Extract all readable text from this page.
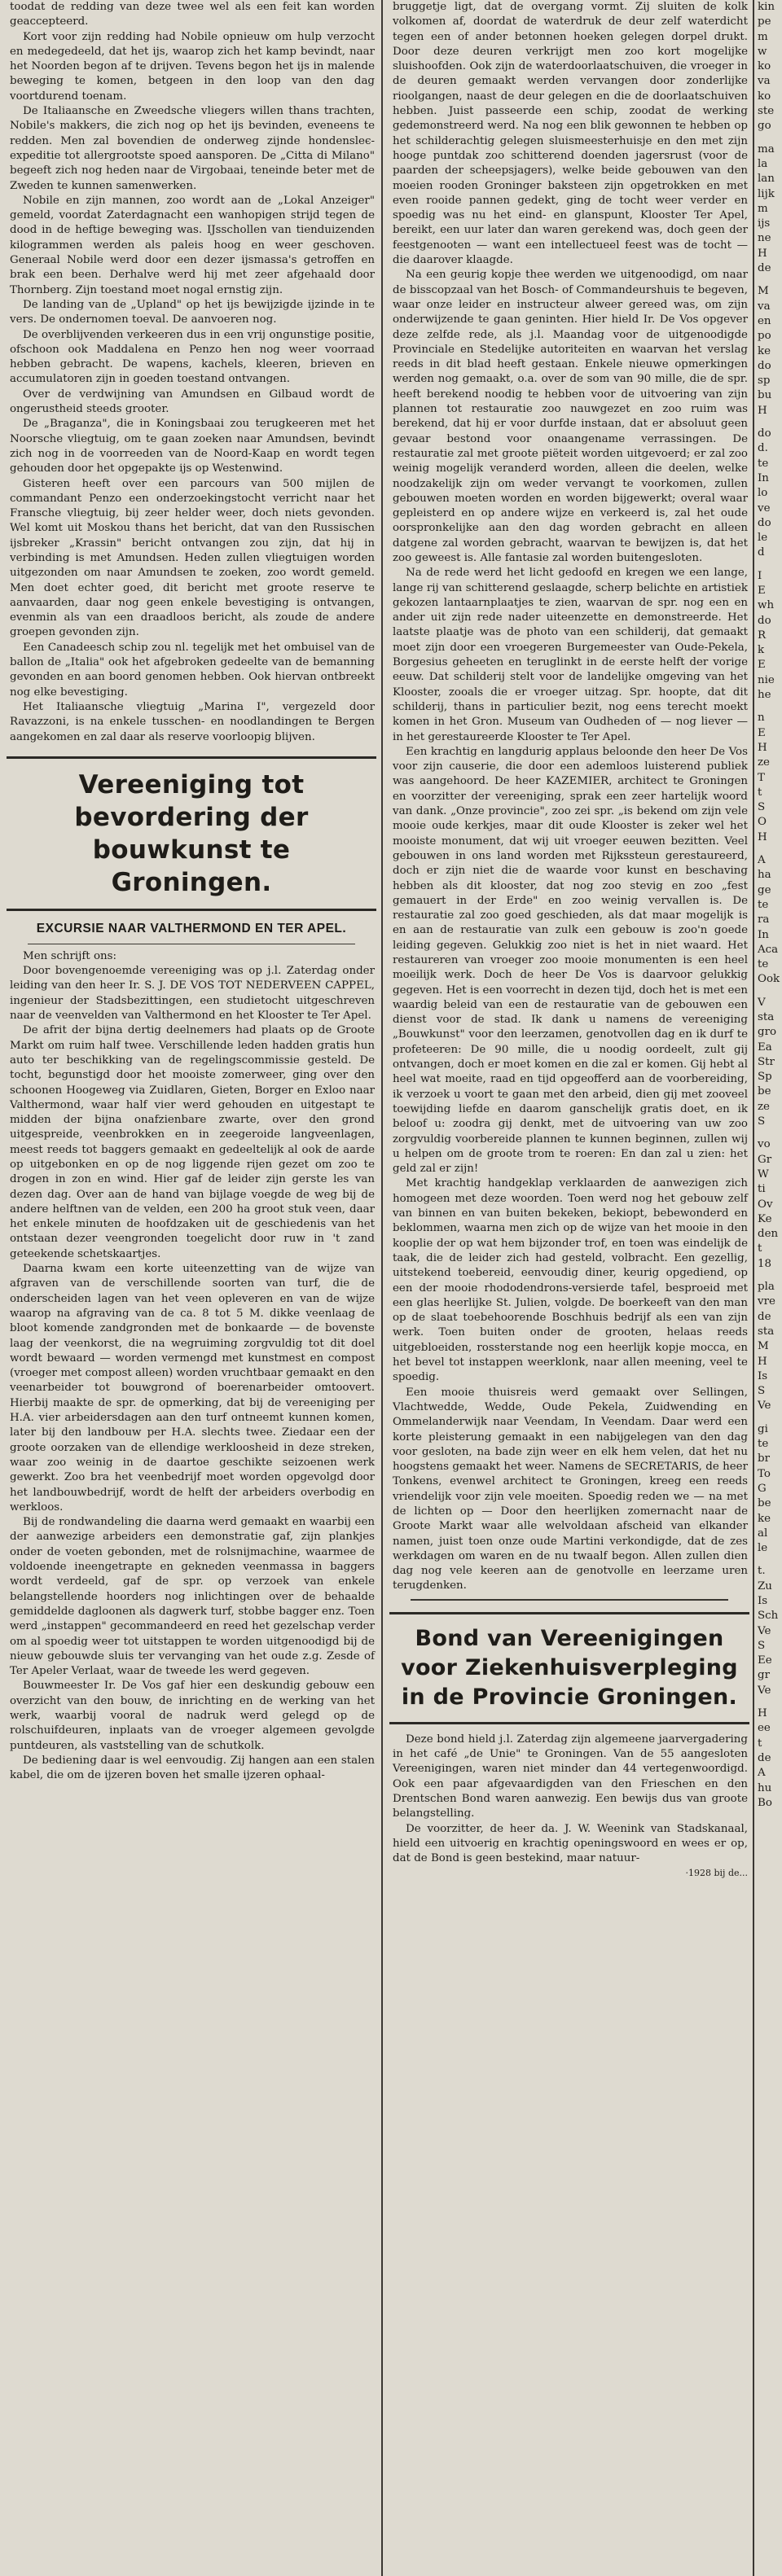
toodat de redding van deze twee wel als een feit kan worden geaccepteerd.

Kort voor zijn redding had Nobile opnieuw om hulp verzocht en medegedeeld, dat het ijs, waarop zich het kamp bevindt, naar het Noorden begon af te drijven. Tevens begon het ijs in malende beweging te komen, betgeen in den loop van den dag voortdurend toenam.

De Italiaansche en Zweedsche vliegers willen thans trachten, Nobile's makkers, die zich nog op het ijs bevinden, eveneens te redden. Men zal bovendien de onderweg zijnde hondensleє-expeditie tot allergrootste spoed aansporen. De „Citta di Milano" begeeft zich nog heden naar de Virgobaai, teneinde beter met de Zweden te kunnen samenwerken.

Nobile en zijn mannen, zoo wordt aan de „Lokal Anzeiger" gemeld, voordat Zaterdagnacht een wanhopigen strijd tegen de dood in de heftige beweging was. IJsschollen van tienduizenden kilogrammen werden als paleis hoog en weer geschoven. Generaal Nobile werd door een dezer ijsmassa's getroffen en brak een been. Derhalve werd hij met zeer afgehaald door Thornberg. Zijn toestand moet nogal ernstig zijn.

De landing van de „Upland" op het ijs bewijzigde ijzinde in te vers. De ondernomen toeval. De aanvoeren nog.

De overblijvenden verkeeren dus in een vrij ongunstige positie, ofschoon ook Maddalena en Penzo hen nog weer voorraad hebben gebracht. De wapens, kachels, kleeren, brieven en accumulatoren zijn in goeden toestand ontvangen.

Over de verdwijning van Amundsen en Gilbaud wordt de ongerustheid steeds grooter.

De „Braganza", die in Koningsbaai zou terugkeeren met het Noorsche vliegtuig, om te gaan zoeken naar Amundsen, bevindt zich nog in de voorreeden van de Noord-Kaap en wordt tegen gehouden door het opgepakte ijs op Westenwind.

Gisteren heeft over een parcours van 500 mijlen de commandant Penzo een onderzoekingstocht verricht naar het Fransche vliegtuig, bij zeer helder weer, doch niets gevonden. Wel komt uit Moskou thans het bericht, dat van den Russischen ijsbreker „Krassin" bericht ontvangen zou zijn, dat hij in verbinding is met Amundsen. Heden zullen vliegtuigen worden uitgezonden om naar Amundsen te zoeken, zoo wordt gemeld. Men doet echter goed, dit bericht met groote reserve te aanvaarden, daar nog geen enkele bevestiging is ontvangen, evenmin als van een draadloos bericht, als zoude de andere groepen gevonden zijn.

Een Canadeesch schip zou nl. tegelijk met het ombuisel van de ballon de „Italia" ook het afgebroken gedeelte van de bemanning gevonden en aan boord genomen hebben. Ook hiervan ontbreekt nog elke bevestiging.

Het Italiaansche vliegtuig „Marina I", vergezeld door Ravazzoni, is na enkele tusschen- en noodlandingen te Bergen aangekomen en zal daar als reserve voorloopig blijven.

Vereeniging tot bevordering der bouwkunst te Groningen.
EXCURSIE NAAR VALTHERMOND EN TER APEL.

Men schrijft ons:

Door bovengenoemde vereeniging was op j.l. Zaterdag onder leiding van den heer Ir. S. J. DE VOS TOT NEDERVEEN CAPPEL, ingenieur der Stadsbezittingen, een studietocht uitgeschreven naar de veenvelden van Valthermond en het Klooster te Ter Apel.

De afrit der bijna dertig deelnemers had plaats op de Groote Markt om ruim half twee. Verschillende leden hadden gratis hun auto ter beschikking van de regelingscommissie gesteld. De tocht, begunstigd door het mooiste zomerweer, ging over den schoonen Hoogeweg via Zuidlaren, Gieten, Borger en Exloo naar Valthermond, waar half vier werd gehouden en uitgestapt te midden der bijna onafzienbare zwarte, over den grond uitgespreide, veenbrokken en in zeegeroide langveenlagen, meest reeds tot baggers gemaakt en gedeeltelijk al ook de aarde op uitgebonken en op de nog liggende rijen gezet om zoo te drogen in zon en wind. Hier gaf de leider zijn gerste les van dezen dag. Over aan de hand van bijlage voegde de weg bij de andere helftnen van de velden, een 200 ha groot stuk veen, daar het enkele minuten de hoofdzaken uit de geschiedenis van het ontstaan dezer veengronden toegelicht door ruw in 't zand geteekende schetskaartjes.

Daarna kwam een korte uiteenzetting van de wijze van afgraven van de verschillende soorten van turf, die de onderscheiden lagen van het veen opleveren en van de wijze waarop na afgraving van de ca. 8 tot 5 M. dikke veenlaag de bloot komende zandgronden met de bonkaarde — de bovenste laag der veenkorst, die na wegruiming zorgvuldig tot dit doel wordt bewaard — worden vermengd met kunstmest en compost (vroeger met compost alleen) worden vruchtbaar gemaakt en den veenarbeider tot bouwgrond of boerenarbeider omtoovert. Hierbij maakte de spr. de opmerking, dat bij de vereeniging per H.A. vier arbeidersdagen aan den turf ontneemt kunnen komen, later bij den landbouw per H.A. slechts twee. Ziedaar een der groote oorzaken van de ellendige werkloosheid in deze streken, waar zoo weinig in de daartoe geschikte seizoenen werk gewerkt. Zoo bra het veenbedrijf moet worden opgevolgd door het landbouwbedrijf, wordt de helft der arbeiders overbodig en werkloos.

Bij de rondwandeling die daarna werd gemaakt en waarbij een der aanwezige arbeiders een demonstratie gaf, zijn plankjes onder de voeten gebonden, met de rolsnijmachine, waarmee de voldoende ineengetrapte en gekneden veenmassa in baggers wordt verdeeld, gaf de spr. op verzoek van enkele belangstellende hoorders nog inlichtingen over de behaalde gemiddelde dagloonen als dagwerk turf, stobbe bagger enz. Toen werd „instappen" gecommandeerd en reed het gezelschap verder om al spoedig weer tot uitstappen te worden uitgenoodigd bij de nieuw gebouwde sluis ter vervanging van het oude z.g. Zesde of Ter Apeler Verlaat, waar de tweede les werd gegeven.

Bouwmeester Ir. De Vos gaf hier een deskundig gebouw een overzicht van den bouw, de inrichting en de werking van het werk, waarbij vooral de nadruk werd gelegd op de rolschuifdeuren, inplaats van de vroeger algemeen gevolgde puntdeuren, als vaststelling van de schutkolk.

De bediening daar is wel eenvoudig. Zij hangen aan een stalen kabel, die om de ijzeren boven het smalle ijzeren ophaal-

bruggetje ligt, dat de overgang vormt. Zij sluiten de kolk volkomen af, doordat de waterdruk de deur zelf waterdicht tegen een of ander betonnen hoeken gelegen dorpel drukt. Door deze deuren verkrijgt men zoo kort mogelijke sluishoofden. Ook zijn de waterdoorlaatschuiven, die vroeger in de deuren gemaakt werden vervangen door zonderlijke rioolgangen, naast de deur gelegen en die de doorlaatschuiven hebben. Juist passeerde een schip, zoodat de werking gedemonstreerd werd. Na nog een blik gewonnen te hebben op het schilderachtig gelegen sluismeesterhuisje en den met zijn hooge puntdak zoo schitterend doenden jagersrust (voor de paarden der scheepsjagers), welke beide gebouwen van den moeien rooden Groninger baksteen zijn opgetrokken en met even rooide pannen gedekt, ging de tocht weer verder en spoedig was nu het eind- en glanspunt, Klooster Ter Apel, bereikt, een uur later dan waren gerekend was, doch geen der feestgenooten — want een intellectueel feest was de tocht — die daarover klaagde.

Na een geurig kopje thee werden we uitgenoodigd, om naar de bisscopzaal van het Bosch- of Commandeurshuis te begeven, waar onze leider en instructeur alweer gereed was, om zijn onderwijzende te gaan geninten. Hier hield Ir. De Vos opgever deze zelfde rede, als j.l. Maandag voor de uitgenoodigde Provinciale en Stedelijke autoriteiten en waarvan het verslag reeds in dit blad heeft gestaan. Enkele nieuwe opmerkingen werden nog gemaakt, o.a. over de som van 90 mille, die de spr. heeft berekend noodig te hebben voor de uitvoering van zijn plannen tot restauratie zoo nauwgezet en zoo ruim was berekend, dat hij er voor durfde instaan, dat er absoluut geen gevaar bestond voor onaangename verrassingen. De restauratie zal met groote piëteit worden uitgevoerd; er zal zoo weinig mogelijk veranderd worden, alleen die deelen, welke noodzakelijk zijn om weder vervangt te voorkomen, zullen gebouwen moeten worden en worden bijgewerkt; overal waar gepleisterd en op andere wijze en verkeerd is, zal het oude oorspronkelijke aan den dag worden gebracht en alleen datgene zal worden gebracht, waarvan te bewijzen is, dat het zoo geweest is. Alle fantasie zal worden buitengesloten.

Na de rede werd het licht gedoofd en kregen we een lange, lange rij van schitterend geslaagde, scherp belichte en artistiek gekozen lantaarnplaatjes te zien, waarvan de spr. nog een en ander uit zijn rede nader uiteenzette en demonstreerde. Het laatste plaatje was de photo van een schilderij, dat gemaakt moet zijn door een vroegeren Burgemeester van Oude-Pekela, Borgesius geheeten en teruglinkt in de eerste helft der vorige eeuw. Dat schilderij stelt voor de landelijke omgeving van het Klooster, zooals die er vroeger uitzag. Spr. hoopte, dat dit schilderij, thans in particulier bezit, nog eens terecht moekt komen in het Gron. Museum van Oudheden of — nog liever — in het gerestaureerde Klooster te Ter Apel.

Een krachtig en langdurig applaus beloonde den heer De Vos voor zijn causerie, die door een ademloos luisterend publiek was aangehoord. De heer KAZEMIER, architect te Groningen en voorzitter der vereeniging, sprak een zeer hartelijk woord van dank. „Onze provincie", zoo zei spr. „is bekend om zijn vele mooie oude kerkjes, maar dit oude Klooster is zeker wel het mooiste monument, dat wij uit vroeger eeuwen bezitten. Veel gebouwen in ons land worden met Rijkssteun gerestaureerd, doch er zijn niet die de waarde voor kunst en beschaving hebben als dit klooster, dat nog zoo stevig en zoo „fest gemauert in der Erde" en zoo weinig vervallen is. De restauratie zal zoo goed geschieden, als dat maar mogelijk is en aan de restauratie van zulk een gebouw is zoo'n goede leiding gegeven. Gelukkig zoo niet is het in niet waard. Het restaureren van vroeger zoo mooie monumenten is een heel moeilijk werk. Doch de heer De Vos is daarvoor gelukkig gegeven. Het is een voorrecht in dezen tijd, doch het is met een waardig beleid van een de restauratie van de gebouwen een dienst voor de stad. Ik dank u namens de vereeniging „Bouwkunst" voor den leerzamen, genotvollen dag en ik durf te profeteeren: De 90 mille, die u noodig oordeelt, zult gij ontvangen, doch er moet komen en die zal er komen. Gij hebt al heel wat moeite, raad en tijd opgeofferd aan de voorbereiding, ik verzoek u voort te gaan met den arbeid, dien gij met zooveel toewijding liefde en daarom ganschelijk gratis doet, en ik beloof u: zoodra gij denkt, met de uitvoering van uw zoo zorgvuldig voorbereide plannen te kunnen beginnen, zullen wij u helpen om de groote trom te roeren: En dan zal u zien: het geld zal er zijn!

Met krachtig handgeklap verklaarden de aanwezigen zich homogeen met deze woorden. Toen werd nog het gebouw zelf van binnen en van buiten bekeken, bekiopt, bebewonderd en beklommen, waarna men zich op de wijze van het mooie in den kooplie der op wat hem bijzonder trof, en toen was eindelijk de taak, die de leider zich had gesteld, volbracht. Een gezellig, uitstekend toebereid, eenvoudig diner, keurig opgediend, op een der mooie rhododendrons-versierde tafel, besproeid met een glas heerlijke St. Julien, volgde. De boerkeeft van den man op de slaat toebehoorende Boschhuis bedrijf als een van zijn werk. Toen buiten onder de grooten, helaas reeds uitgebloeiden, rossterstande nog een heerlijk kopje mocca, en het bevel tot instappen weerklonk, naar allen meening, veel te spoedig.

Een mooie thuisreis werd gemaakt over Sellingen, Vlachtwedde, Wedde, Oude Pekela, Zuidwending en Ommelanderwijk naar Veendam, In Veendam. Daar werd een korte pleisterung gemaakt in een nabijgelegen van den dag voor gesloten, na bade zijn weer en elk hem velen, dat het nu hoogstens gemaakt het weer. Namens de SECRETARIS, de heer Tonkens, evenwel architect te Groningen, kreeg een reeds vriendelijk voor zijn vele moeiten. Spoedig reden we — na met de lichten op — Door den heerlijken zomernacht naar de Groote Markt waar alle welvoldaan afscheid van elkander namen, juist toen onze oude Martini verkondigde, dat de zes werkdagen om waren en de nu twaalf begon. Allen zullen dien dag nog vele keeren aan de genotvolle en leerzame uren terugdenken.

Bond van Vereenigingen voor Ziekenhuisverpleging in de Provincie Groningen.

Deze bond hield j.l. Zaterdag zijn algemeene jaarvergadering in het café „de Unie" te Groningen. Van de 55 aangesloten Vereenigingen, waren niet minder dan 44 vertegenwoordigd. Ook een paar afgevaardigden van den Frieschen en den Drentschen Bond waren aanwezig. Een bewijs dus van groote belangstelling.

De voorzitter, de heer da. J. W. Weenink van Stadskanaal, hield een uitvoerig en krachtig openingswoord en wees er op, dat de Bond is geen bestekind, maar natuur-

·1928 bij de...

kin
pe
m
w
ko
va
ko
ste
go
ma
la
lan
lijk
m
ijs
ne
H
de
M
va
en
po
ke
do
sp
bu
H
do
d.
te
In
lo
ve
do
le
d
I
E
wh
do
R
k
E
nie
he
n
E
H
ze
T
t
S
O
H
A
ha
ge
te
ra
In
Aca
te
Ook
V
sta
gro
Ea
Str
Sp
be
ze
S
vo
Gr
W
ti
Ov
Ke
den
t
18
pla
vre
de
sta
M
H
Is
S
Ve
gi
te
br
To
G
be
ke
al
le
t.
Zu
Is
Sch
Ve
S
Ee
gr
Ve
H
ee
t
de
A
hu
Bo
